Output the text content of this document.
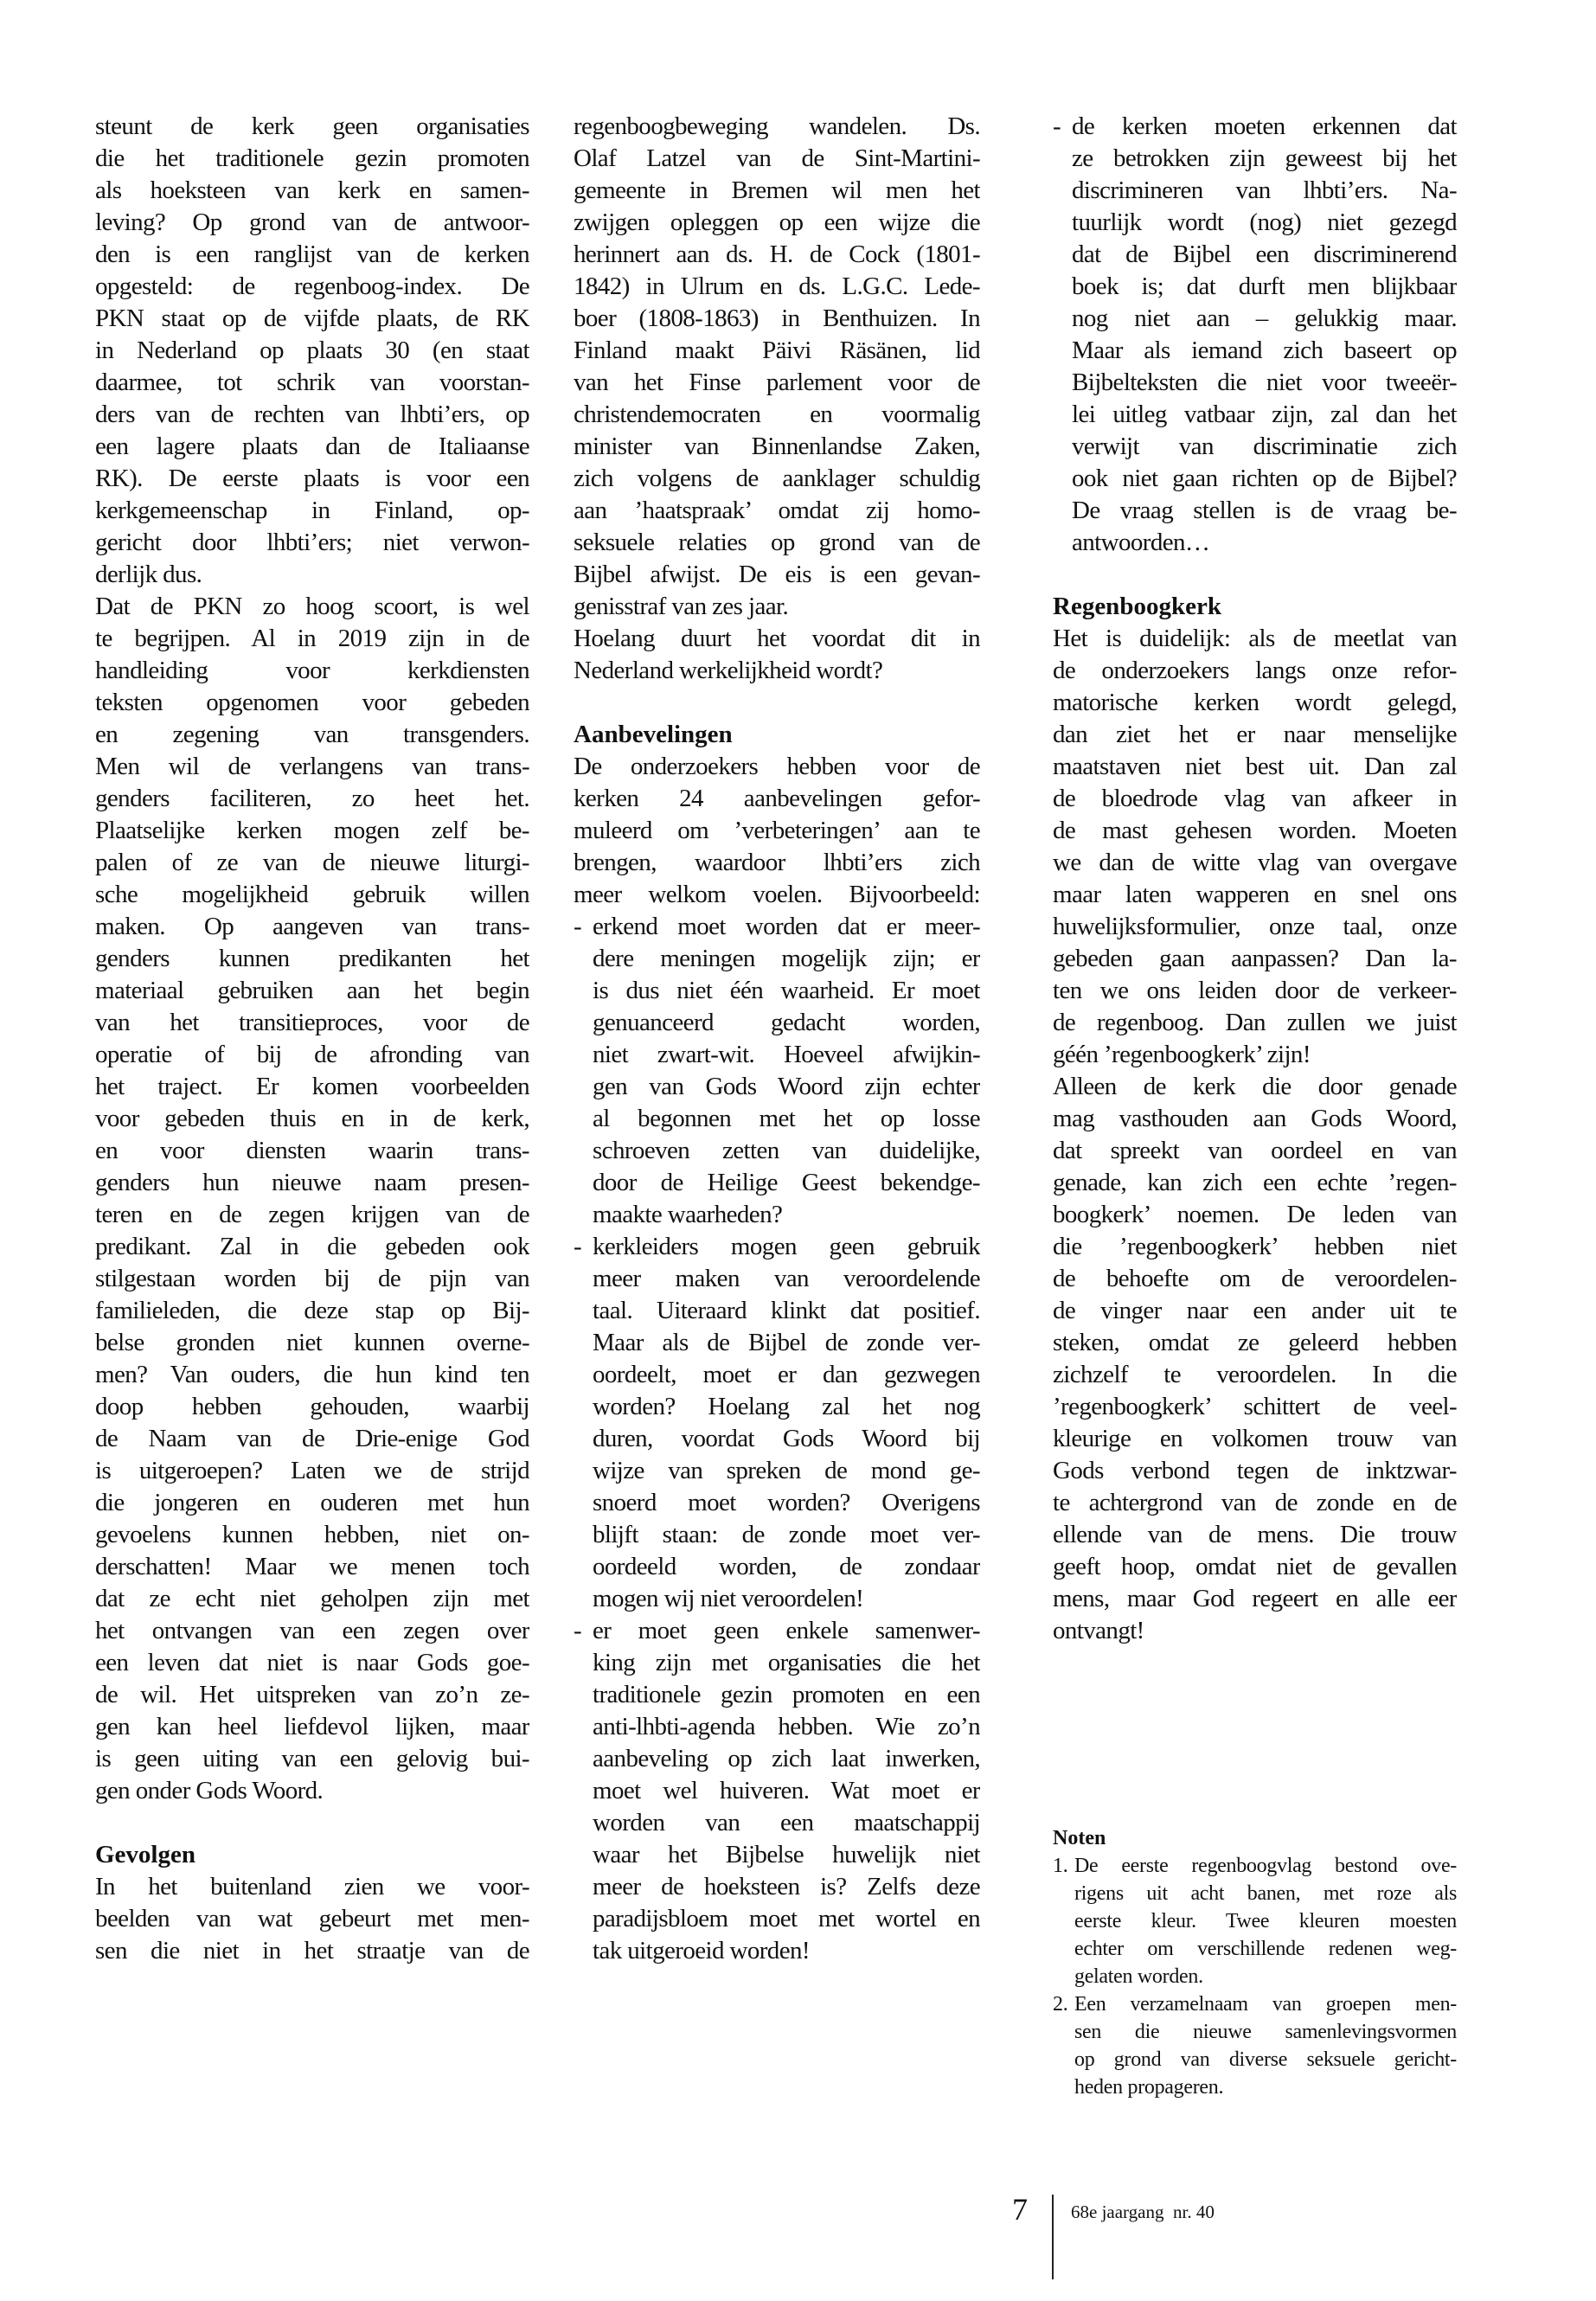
steunt de kerk geen organisaties
die het traditionele gezin promoten
als hoeksteen van kerk en samen-
leving? Op grond van de antwoor-
den is een ranglijst van de kerken
opgesteld: de regenboog-index. De
PKN staat op de vijfde plaats, de RK
in Nederland op plaats 30 (en staat
daarmee, tot schrik van voorstan-
ders van de rechten van lhbti’ers, op
een lagere plaats dan de Italiaanse
RK). De eerste plaats is voor een
kerkgemeenschap in Finland, op-
gericht door lhbti’ers; niet verwon-
derlijk dus.
Dat de PKN zo hoog scoort, is wel
te begrijpen. Al in 2019 zijn in de
handleiding voor kerkdiensten
teksten opgenomen voor gebeden
en zegening van transgenders.
Men wil de verlangens van trans-
genders faciliteren, zo heet het.
Plaatselijke kerken mogen zelf be-
palen of ze van de nieuwe liturgi-
sche mogelijkheid gebruik willen
maken. Op aangeven van trans-
genders kunnen predikanten het
materiaal gebruiken aan het begin
van het transitieproces, voor de
operatie of bij de afronding van
het traject. Er komen voorbeelden
voor gebeden thuis en in de kerk,
en voor diensten waarin trans-
genders hun nieuwe naam presen-
teren en de zegen krijgen van de
predikant. Zal in die gebeden ook
stilgestaan worden bij de pijn van
familieleden, die deze stap op Bij-
belse gronden niet kunnen overne-
men? Van ouders, die hun kind ten
doop hebben gehouden, waarbij
de Naam van de Drie-enige God
is uitgeroepen? Laten we de strijd
die jongeren en ouderen met hun
gevoelens kunnen hebben, niet on-
derschatten! Maar we menen toch
dat ze echt niet geholpen zijn met
het ontvangen van een zegen over
een leven dat niet is naar Gods goe-
de wil. Het uitspreken van zo’n ze-
gen kan heel liefdevol lijken, maar
is geen uiting van een gelovig bui-
gen onder Gods Woord.
Gevolgen
In het buitenland zien we voor-
beelden van wat gebeurt met men-
sen die niet in het straatje van de
regenboogbeweging wandelen. Ds.
Olaf Latzel van de Sint-Martini-
gemeente in Bremen wil men het
zwijgen opleggen op een wijze die
herinnert aan ds. H. de Cock (1801-
1842) in Ulrum en ds. L.G.C. Lede-
boer (1808-1863) in Benthuizen. In
Finland maakt Päivi Räsänen, lid
van het Finse parlement voor de
christendemocraten en voormalig
minister van Binnenlandse Zaken,
zich volgens de aanklager schuldig
aan ’haatspraak’ omdat zij homo-
seksuele relaties op grond van de
Bijbel afwijst. De eis is een gevan-
genisstraf van zes jaar.
Hoelang duurt het voordat dit in
Nederland werkelijkheid wordt?
Aanbevelingen
De onderzoekers hebben voor de
kerken 24 aanbevelingen gefor-
muleerd om ’verbeteringen’ aan te
brengen, waardoor lhbti’ers zich
meer welkom voelen. Bijvoorbeeld:
- erkend moet worden dat er meer-
dere meningen mogelijk zijn; er
is dus niet één waarheid. Er moet
genuanceerd gedacht worden,
niet zwart-wit. Hoeveel afwijkin-
gen van Gods Woord zijn echter
al begonnen met het op losse
schroeven zetten van duidelijke,
door de Heilige Geest bekendge-
maakte waarheden?
- kerkleiders mogen geen gebruik
meer maken van veroordelende
taal. Uiteraard klinkt dat positief.
Maar als de Bijbel de zonde ver-
oordeelt, moet er dan gezwegen
worden? Hoelang zal het nog
duren, voordat Gods Woord bij
wijze van spreken de mond ge-
snoerd moet worden? Overigens
blijft staan: de zonde moet ver-
oordeeld worden, de zondaar
mogen wij niet veroordelen!
- er moet geen enkele samenwer-
king zijn met organisaties die het
traditionele gezin promoten en een
anti-lhbti-agenda hebben. Wie zo’n
aanbeveling op zich laat inwerken,
moet wel huiveren. Wat moet er
worden van een maatschappij
waar het Bijbelse huwelijk niet
meer de hoeksteen is? Zelfs deze
paradijsbloem moet met wortel en
tak uitgeroeid worden!
- de kerken moeten erkennen dat
ze betrokken zijn geweest bij het
discrimineren van lhbti’ers. Na-
tuurlijk wordt (nog) niet gezegd
dat de Bijbel een discriminerend
boek is; dat durft men blijkbaar
nog niet aan – gelukkig maar.
Maar als iemand zich baseert op
Bijbelteksten die niet voor tweeër-
lei uitleg vatbaar zijn, zal dan het
verwijt van discriminatie zich
ook niet gaan richten op de Bijbel?
De vraag stellen is de vraag be-
antwoorden…
Regenboogkerk
Het is duidelijk: als de meetlat van
de onderzoekers langs onze refor-
matorische kerken wordt gelegd,
dan ziet het er naar menselijke
maatstaven niet best uit. Dan zal
de bloedrode vlag van afkeer in
de mast gehesen worden. Moeten
we dan de witte vlag van overgave
maar laten wapperen en snel ons
huwelijksformulier, onze taal, onze
gebeden gaan aanpassen? Dan la-
ten we ons leiden door de verkeer-
de regenboog. Dan zullen we juist
géén ’regenboogkerk’ zijn!
Alleen de kerk die door genade
mag vasthouden aan Gods Woord,
dat spreekt van oordeel en van
genade, kan zich een echte ’regen-
boogkerk’ noemen. De leden van
die ’regenboogkerk’ hebben niet
de behoefte om de veroordelen-
de vinger naar een ander uit te
steken, omdat ze geleerd hebben
zichzelf te veroordelen. In die
’regenboogkerk’ schittert de veel-
kleurige en volkomen trouw van
Gods verbond tegen de inktzwar-
te achtergrond van de zonde en de
ellende van de mens. Die trouw
geeft hoop, omdat niet de gevallen
mens, maar God regeert en alle eer
ontvangt!
Noten
1. De eerste regenboogvlag bestond ove-
rigens uit acht banen, met roze als
eerste kleur. Twee kleuren moesten
echter om verschillende redenen weg-
gelaten worden.
2. Een verzamelnaam van groepen men-
sen die nieuwe samenlevingsvormen
op grond van diverse seksuele gericht-
heden propageren.
7 68e jaargang  nr. 40
